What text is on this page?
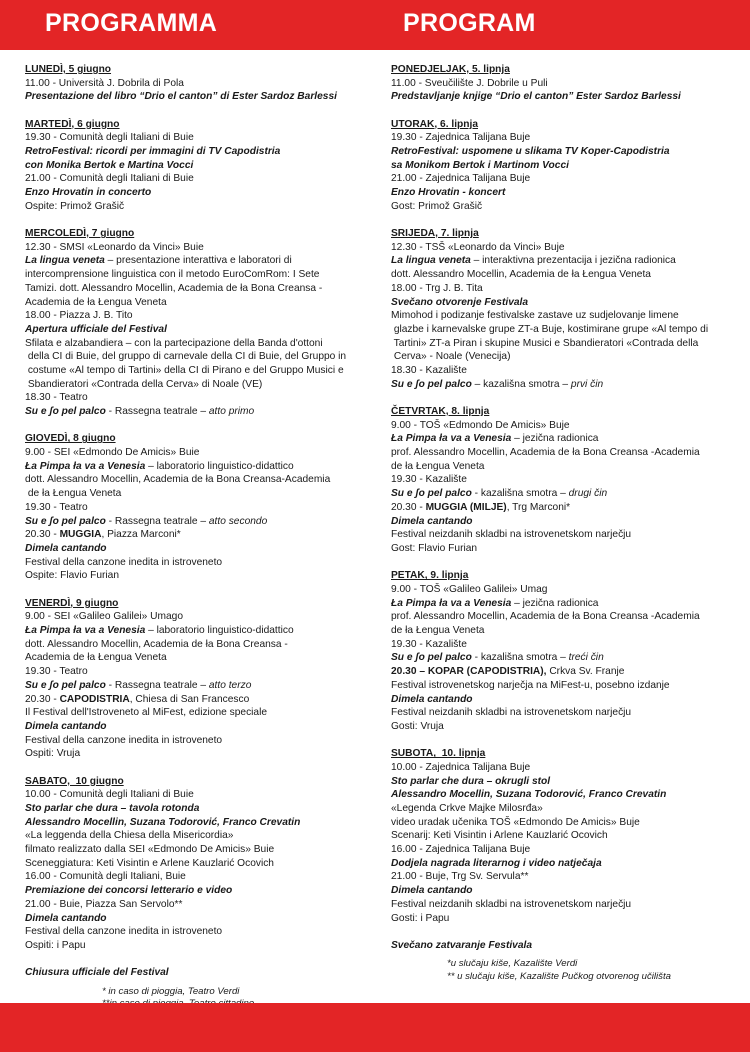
PROGRAMMA	PROGRAM
LUNEDÌ, 5 giugno
11.00 - Università J. Dobrila di Pola
Presentazione del libro “Drio el canton” di Ester Sardoz Barlessi
MARTEDÌ, 6 giugno
19.30 - Comunità degli Italiani di Buie
RetroFestival: ricordi per immagini di TV Capodistria
con Monika Bertok e Martina Vocci
21.00 - Comunità degli Italiani di Buie
Enzo Hrovatin in concerto
Ospite: Primož Grašič
MERCOLEDÌ, 7 giugno
12.30 - SMSI «Leonardo da Vinci» Buie
La lingua veneta – presentazione interattiva e laboratori di
intercomprensione linguistica con il metodo EuroComRom: I Sete
Tamizi. dott. Alessandro Mocellin, Academia de ła Bona Creansa -
Academia de ła Łengua Veneta
18.00 - Piazza J. B. Tito
Apertura ufficiale del Festival
Sfilata e alzabandiera – con la partecipazione della Banda d'ottoni
della CI di Buie, del gruppo di carnevale della CI di Buie, del Gruppo in
costume «Al tempo di Tartini» della CI di Pirano e del Gruppo Musici e
Sbandieratori «Contrada della Cerva» di Noale (VE)
18.30 - Teatro
Su e ʃo pel palco - Rassegna teatrale – atto primo
GIOVEDÌ, 8 giugno
9.00 - SEI «Edmondo De Amicis» Buie
Ła Pimpa ła va a Venesia – laboratorio linguistico-didattico
dott. Alessandro Mocellin, Academia de ła Bona Creansa-Academia
de ła Łengua Veneta
19.30 - Teatro
Su e ʃo pel palco - Rassegna teatrale – atto secondo
20.30 - MUGGIA, Piazza Marconi*
Dimela cantando
Festival della canzone inedita in istroveneto
Ospite: Flavio Furian
VENERDÌ, 9 giugno
9.00 - SEI «Galileo Galilei» Umago
Ła Pimpa ła va a Venesia – laboratorio linguistico-didattico
dott. Alessandro Mocellin, Academia de ła Bona Creansa -
Academia de ła Łengua Veneta
19.30 - Teatro
Su e ʃo pel palco - Rassegna teatrale – atto terzo
20.30 - CAPODISTRIA, Chiesa di San Francesco
Il Festival dell'Istroveneto al MiFest, edizione speciale
Dimela cantando
Festival della canzone inedita in istroveneto
Ospiti: Vruja
SABATO,  10 giugno
10.00 - Comunità degli Italiani di Buie
Sto parlar che dura – tavola rotonda
Alessandro Mocellin, Suzana Todorović, Franco Crevatin
«La leggenda della Chiesa della Misericordia»
filmato realizzato dalla SEI «Edmondo De Amicis» Buie
Sceneggiatura: Keti Visintin e Arlene Kauzlarić Ocovich
16.00 - Comunità degli Italiani, Buie
Premiazione dei concorsi letterario e video
21.00 - Buie, Piazza San Servolo**
Dimela cantando
Festival della canzone inedita in istroveneto
Ospiti: i Papu
Chiusura ufficiale del Festival
* in caso di pioggia, Teatro Verdi
PONEDJELJAK, 5. lipnja
11.00 - Sveučilište J. Dobrile u Puli
Predstavljanje knjige “Drio el canton” Ester Sardoz Barlessi
UTORAK, 6. lipnja
19.30 - Zajednica Talijana Buje
RetroFestival: uspomene u slikama TV Koper-Capodistria
sa Monikom Bertok i Martinom Vocci
21.00 - Zajednica Talijana Buje
Enzo Hrovatin - koncert
Gost: Primož Grašič
SRIJEDA, 7. lipnja
12.30 - TSŠ «Leonardo da Vinci» Buje
La lingua veneta – interaktivna prezentacija i jezična radionica
dott. Alessandro Mocellin, Academia de ła Łengua Veneta
18.00 - Trg J. B. Tita
Svečano otvorenje Festivala
Mimohod i podizanje festivalske zastave uz sudjelovanje limene
glazbe i karnevalske grupe ZT-a Buje, kostimirane grupe «Al tempo di
Tartini» ZT-a Piran i skupine Musici e Sbandieratori «Contrada della
Cerva» - Noale (Venecija)
18.30 - Kazalište
Su e ʃo pel palco – kazališna smotra – prvi čin
ČETVRTAK, 8. lipnja
9.00 - TOŠ «Edmondo De Amicis» Buje
Ła Pimpa ła va a Venesia – jezična radionica
prof. Alessandro Mocellin, Academia de ła Bona Creansa -Academia
de ła Łengua Veneta
19.30 - Kazalište
Su e ʃo pel palco - kazališna smotra – drugi čin
20.30 - MUGGIA (MILJE), Trg Marconi*
Dimela cantando
Festival neizdanih skladbi na istrovenetskom narječju
Gost: Flavio Furian
PETAK, 9. lipnja
9.00 - TOŠ «Galileo Galilei» Umag
Ła Pimpa ła va a Venesia – jezična radionica
prof. Alessandro Mocellin, Academia de ła Bona Creansa -Academia
de ła Łengua Veneta
19.30 - Kazalište
Su e ʃo pel palco - kazališna smotra – treći čin
20.30 – KOPAR (CAPODISTRIA), Crkva Sv. Franje
Festival istrovenetskog narječja na MiFest-u, posebno izdanje
Dimela cantando
Festival neizdanih skladbi na istrovenetskom narječju
Gosti: Vruja
SUBOTA,  10. lipnja
10.00 - Zajednica Talijana Buje
Sto parlar che dura – okrugli stol
Alessandro Mocellin, Suzana Todorović, Franco Crevatin
«Legenda Crkve Majke Milosrđa»
video uradak učenika TOŠ «Edmondo De Amicis» Buje
Scenarij: Keti Visintin i Arlene Kauzlarić Ocovich
16.00 - Zajednica Talijana Buje
Dodjela nagrada literarnog i video natječaja
21.00 - Buje, Trg Sv. Servula**
Dimela cantando
Festival neizdanih skladbi na istrovenetskom narječju
Gosti: i Papu
Svečano zatvaranje Festivala
*u slučaju kiše, Kazalište Verdi
** u slučaju kiše, Kazalište Pučkog otvorenog učilišta
